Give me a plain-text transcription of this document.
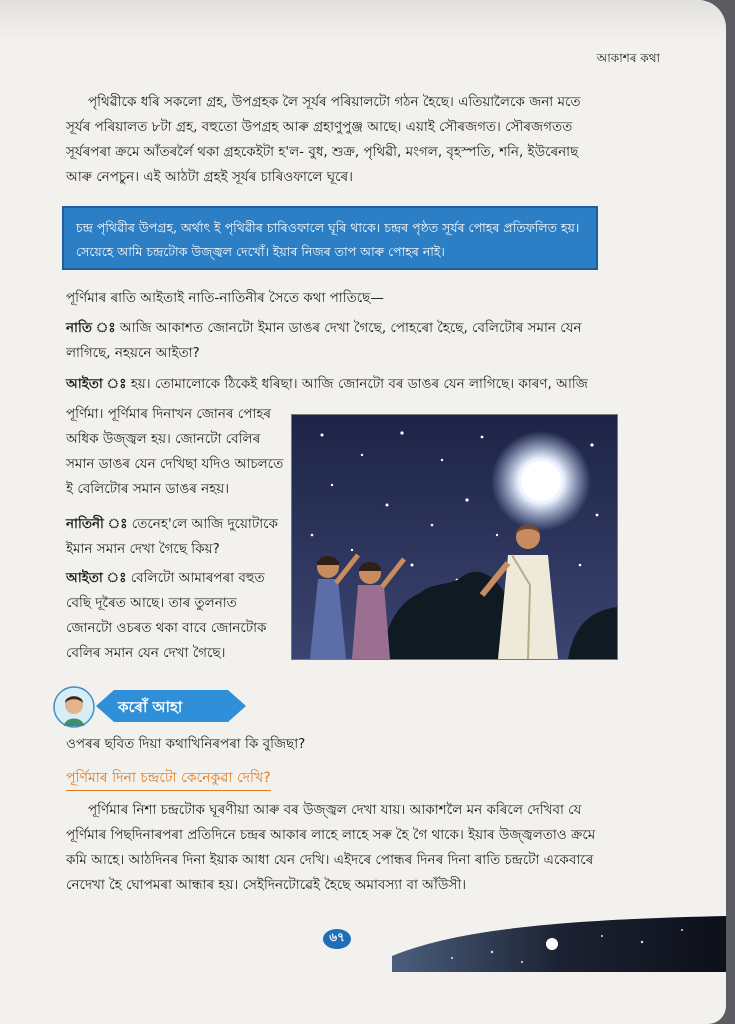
আকাশৰ কথা
পৃথিৱীকে ধৰি সকলো গ্ৰহ, উপগ্ৰহক লৈ সূৰ্যৰ পৰিয়ালটো গঠন হৈছে। এতিয়ালৈকে জনা মতে সূৰ্যৰ পৰিয়ালত ৮টা গ্ৰহ, বহুতো উপগ্ৰহ আৰু গ্ৰহাণুপুঞ্জ আছে। এয়াই সৌৰজগত। সৌৰজগতত সূৰ্যৰপৰা ক্ৰমে আঁতৰৰ্লৈ থকা গ্ৰহকেইটা হ'ল- বুধ, শুক্ৰ, পৃথিৱী, মংগল, বৃহস্পতি, শনি, ইউৰেনাছ আৰু নেপচুন। এই আঠটা গ্ৰহই সূৰ্যৰ চাৰিওফালে ঘূৰে।
চন্দ্ৰ পৃথিৱীৰ উপগ্ৰহ, অৰ্থাৎ ই পৃথিৱীৰ চাৰিওফালে ঘূৰি থাকে। চন্দ্ৰৰ পৃষ্ঠত সূৰ্যৰ পোহৰ প্ৰতিফলিত হয়। সেয়েহে আমি চন্দ্ৰটোক উজ্জ্বল দেখোঁ। ইয়াৰ নিজৰ তাপ আৰু পোহৰ নাই।
পূৰ্ণিমাৰ ৰাতি আইতাই নাতি-নাতিনীৰ সৈতে কথা পাতিছে—
নাতি ঃ আজি আকাশত জোনটো ইমান ডাঙৰ দেখা গৈছে, পোহৰো হৈছে, বেলিটোৰ সমান যেন লাগিছে, নহয়নে আইতা?
আইতা ঃ হয়। তোমালোকে ঠিকেই ধৰিছা। আজি জোনটো বৰ ডাঙৰ যেন লাগিছে। কাৰণ, আজি
পূৰ্ণিমা। পূৰ্ণিমাৰ দিনাখন জোনৰ পোহৰ অধিক উজ্জ্বল হয়। জোনটো বেলিৰ সমান ডাঙৰ যেন দেখিছা যদিও আচলতে ই বেলিটোৰ সমান ডাঙৰ নহয়।
নাতিনী ঃ তেনেহ'লে আজি দুয়োটাকে ইমান সমান দেখা গৈছে কিয়?
আইতা ঃ বেলিটো আমাৰপৰা বহুত বেছি দূৰৈত আছে। তাৰ তুলনাত জোনটো ওচৰত থকা বাবে জোনটোক বেলিৰ সমান যেন দেখা গৈছে।
কৰোঁ আহা
ওপৰৰ ছবিত দিয়া কথাখিনিৰপৰা কি বুজিছা?
পূৰ্ণিমাৰ দিনা চন্দ্ৰটো কেনেকুৱা দেখি?
পূৰ্ণিমাৰ নিশা চন্দ্ৰটোক ঘূৰণীয়া আৰু বৰ উজ্জ্বল দেখা যায়। আকাশলৈ মন কৰিলে দেখিবা যে পূৰ্ণিমাৰ পিছদিনাৰপৰা প্ৰতিদিনে চন্দ্ৰৰ আকাৰ লাহে লাহে সৰু হৈ গৈ থাকে। ইয়াৰ উজ্জ্বলতাও ক্ৰমে কমি আহে। আঠদিনৰ দিনা ইয়াক আধা যেন দেখি। এইদৰে পোন্ধৰ দিনৰ দিনা ৰাতি চন্দ্ৰটো একেবাৰে নেদেখা হৈ ঘোপমৰা আন্ধাৰ হয়। সেইদিনটোৱেই হৈছে অমাবস্যা বা আঁউসী।
৬৭
